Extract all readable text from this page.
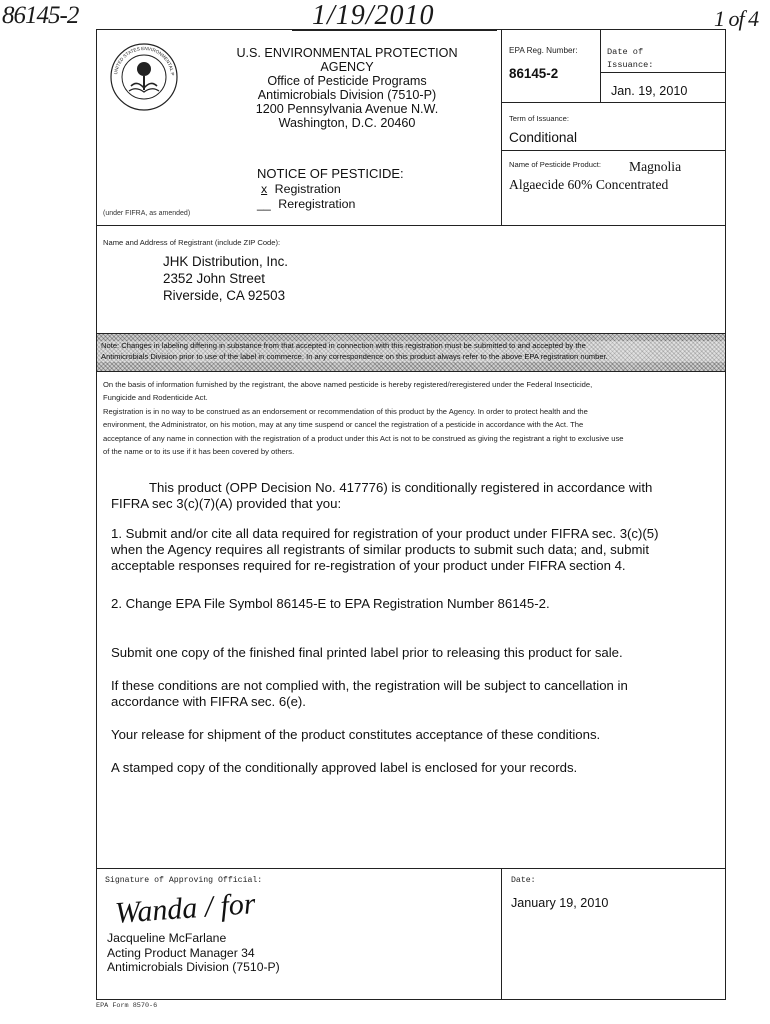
86145-2	1/19/2010	1 of 4
UNITED STATES ENVIRONMENTAL P
U.S. ENVIRONMENTAL PROTECTION
AGENCY
Office of Pesticide Programs
Antimicrobials Division (7510-P)
1200 Pennsylvania Avenue N.W.
Washington, D.C. 20460
NOTICE OF PESTICIDE:
x Registration
__ Reregistration
(under FIFRA, as amended)
EPA Reg. Number:
86145-2
Date of
Issuance:
Jan. 19, 2010
Term of Issuance:
Conditional
Name of Pesticide Product:	Magnolia
Algaecide 60% Concentrated
Name and Address of Registrant (include ZIP Code):
JHK Distribution, Inc.
2352 John Street
Riverside, CA 92503
Note: Changes in labeling differing in substance from that accepted in connection with this registration must be submitted to and accepted by the
Antimicrobials Division prior to use of the label in commerce. In any correspondence on this product always refer to the above EPA registration number.
On the basis of information furnished by the registrant, the above named pesticide is hereby registered/reregistered under the Federal Insecticide,
Fungicide and Rodenticide Act.
Registration is in no way to be construed as an endorsement or recommendation of this product by the Agency. In order to protect health and the
environment, the Administrator, on his motion, may at any time suspend or cancel the registration of a pesticide in accordance with the Act. The
acceptance of any name in connection with the registration of a product under this Act is not to be construed as giving the registrant a right to exclusive use
of the name or to its use if it has been covered by others.
This product (OPP Decision No. 417776) is conditionally registered in accordance with
FIFRA sec 3(c)(7)(A) provided that you:
1. Submit and/or cite all data required for registration of your product under FIFRA sec. 3(c)(5)
when the Agency requires all registrants of similar products to submit such data; and, submit
acceptable responses required for re-registration of your product under FIFRA section 4.
2. Change EPA File Symbol 86145-E to EPA Registration Number 86145-2.
Submit one copy of the finished final printed label prior to releasing this product for sale.
If these conditions are not complied with, the registration will be subject to cancellation in
accordance with FIFRA sec. 6(e).
Your release for shipment of the product constitutes acceptance of these conditions.
A stamped copy of the conditionally approved label is enclosed for your records.
Signature of Approving Official:
Wanda / for
Jacqueline McFarlane
Acting Product Manager 34
Antimicrobials Division (7510-P)
Date:
January 19, 2010
EPA Form 8570-6
